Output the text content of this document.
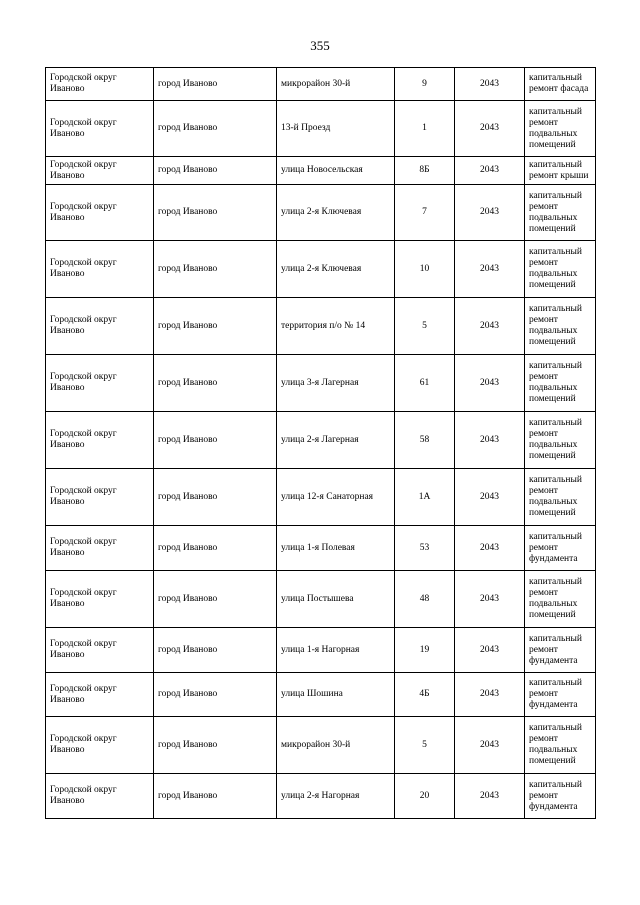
355
Городской округ Иваново	город Иваново	микрорайон 30-й	9	2043	капитальный ремонт фасада
Городской округ Иваново	город Иваново	13-й Проезд	1	2043	капитальный ремонт подвальных помещений
Городской округ Иваново	город Иваново	улица Новосельская	8Б	2043	капитальный ремонт крыши
Городской округ Иваново	город Иваново	улица 2-я Ключевая	7	2043	капитальный ремонт подвальных помещений
Городской округ Иваново	город Иваново	улица 2-я Ключевая	10	2043	капитальный ремонт подвальных помещений
Городской округ Иваново	город Иваново	территория п/о № 14	5	2043	капитальный ремонт подвальных помещений
Городской округ Иваново	город Иваново	улица 3-я Лагерная	61	2043	капитальный ремонт подвальных помещений
Городской округ Иваново	город Иваново	улица 2-я Лагерная	58	2043	капитальный ремонт подвальных помещений
Городской округ Иваново	город Иваново	улица 12-я Санаторная	1А	2043	капитальный ремонт подвальных помещений
Городской округ Иваново	город Иваново	улица 1-я Полевая	53	2043	капитальный ремонт фундамента
Городской округ Иваново	город Иваново	улица Постышева	48	2043	капитальный ремонт подвальных помещений
Городской округ Иваново	город Иваново	улица 1-я Нагорная	19	2043	капитальный ремонт фундамента
Городской округ Иваново	город Иваново	улица Шошина	4Б	2043	капитальный ремонт фундамента
Городской округ Иваново	город Иваново	микрорайон 30-й	5	2043	капитальный ремонт подвальных помещений
Городской округ Иваново	город Иваново	улица 2-я Нагорная	20	2043	капитальный ремонт фундамента
